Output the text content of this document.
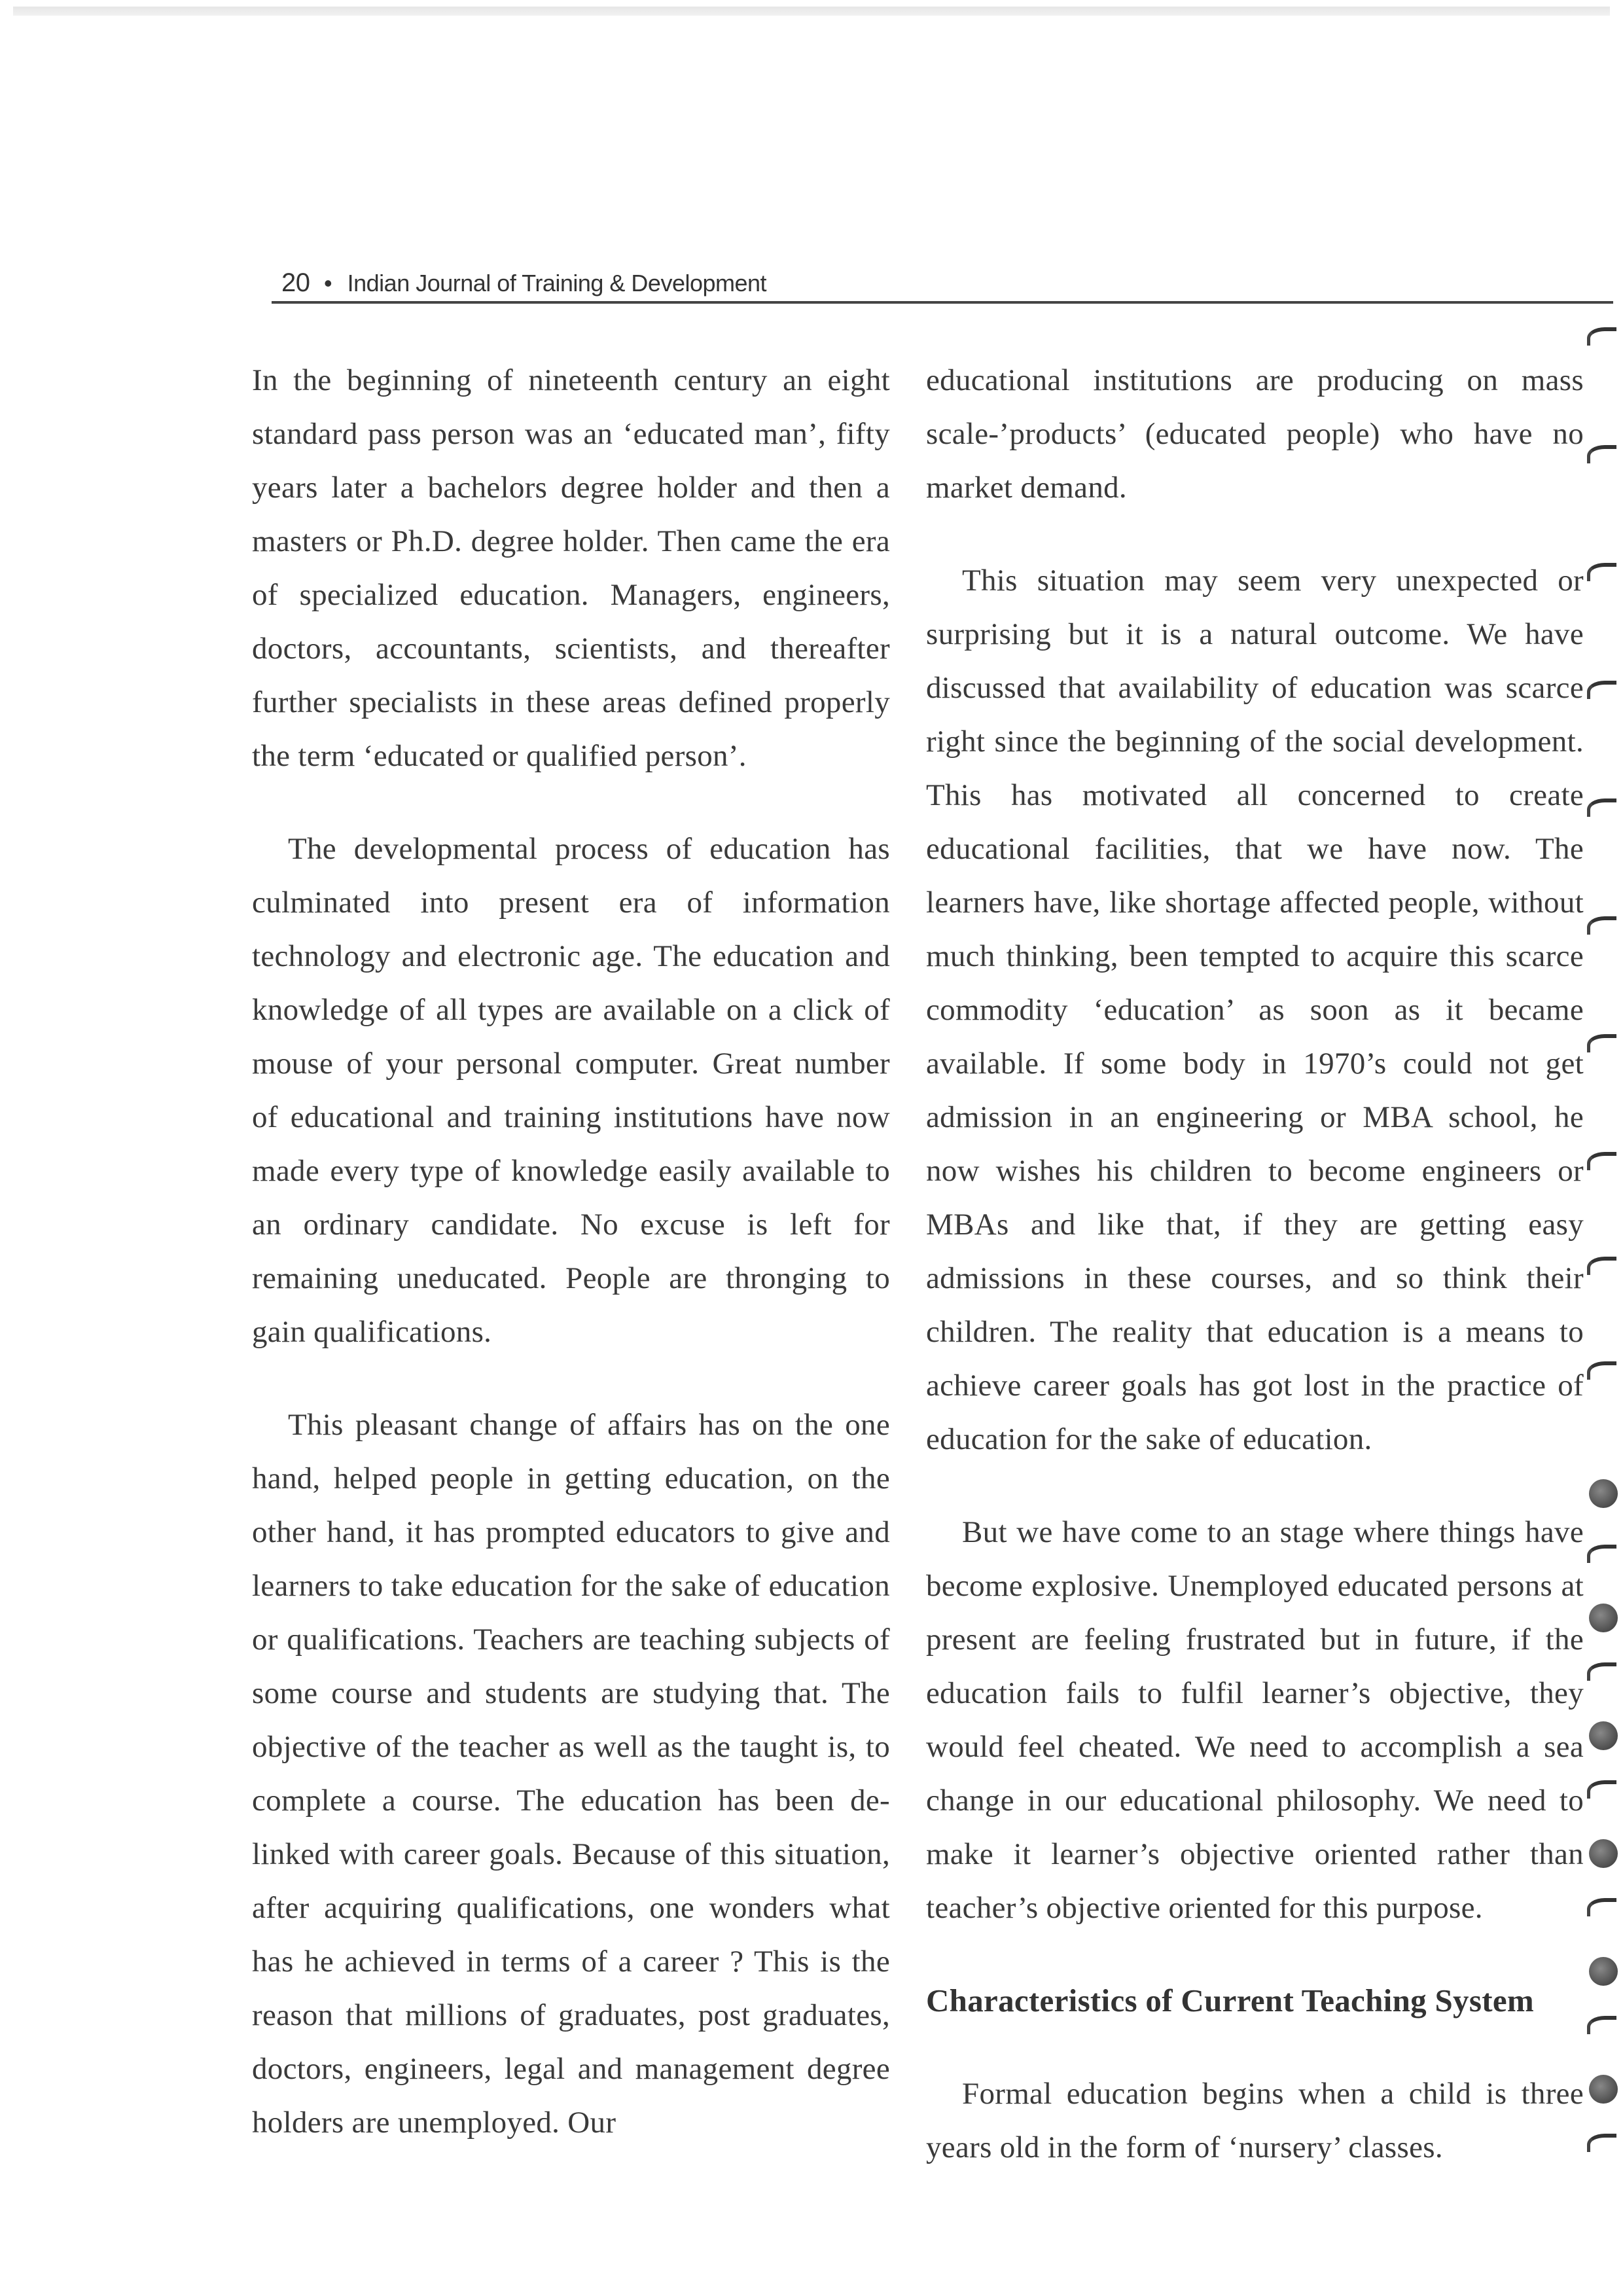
20 • Indian Journal of Training & Development

In the beginning of nineteenth century an eight standard pass person was an ‘educated man’, fifty years later a bachelors degree holder and then a masters or Ph.D. degree holder. Then came the era of specialized education. Managers, engineers, doctors, accountants, scientists, and thereafter further specialists in these areas defined properly the term ‘educated or qualified person’.

The developmental process of education has culminated into present era of information technology and electronic age. The education and knowledge of all types are available on a click of mouse of your personal computer. Great number of educational and training institutions have now made every type of knowledge easily available to an ordinary candidate. No excuse is left for remaining uneducated. People are thronging to gain qualifications.

This pleasant change of affairs has on the one hand, helped people in getting education, on the other hand, it has prompted educators to give and learners to take education for the sake of education or qualifications. Teachers are teaching subjects of some course and students are studying that. The objective of the teacher as well as the taught is, to complete a course. The education has been de-linked with career goals. Because of this situation, after acquiring qualifications, one wonders what has he achieved in terms of a career ? This is the reason that millions of graduates, post graduates, doctors, engineers, legal and management degree holders are unemployed. Our

educational institutions are producing on mass scale-’products’ (educated people) who have no market demand.

This situation may seem very unexpected or surprising but it is a natural outcome. We have discussed that availability of education was scarce right since the beginning of the social development. This has motivated all concerned to create educational facilities, that we have now. The learners have, like shortage affected people, without much thinking, been tempted to acquire this scarce commodity ‘education’ as soon as it became available. If some body in 1970’s could not get admission in an engineering or MBA school, he now wishes his children to become engineers or MBAs and like that, if they are getting easy admissions in these courses, and so think their children. The reality that education is a means to achieve career goals has got lost in the practice of education for the sake of education.

But we have come to an stage where things have become explosive. Unemployed educated persons at present are feeling frustrated but in future, if the education fails to fulfil learner’s objective, they would feel cheated. We need to accomplish a sea change in our educational philosophy. We need to make it learner’s objective oriented rather than teacher’s objective oriented for this purpose.

Characteristics of Current Teaching System

Formal education begins when a child is three years old in the form of ‘nursery’ classes.
